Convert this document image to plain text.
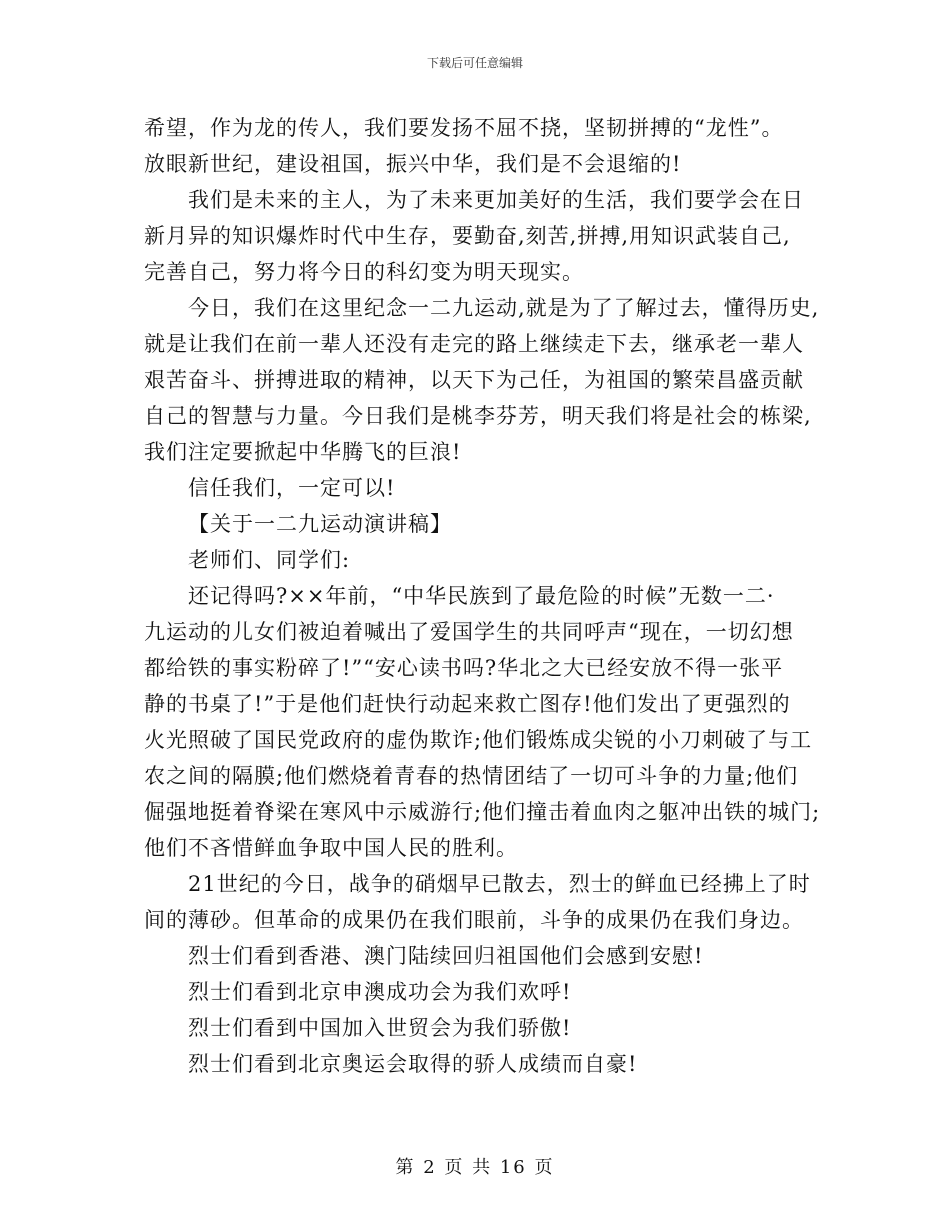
下载后可任意编辑
希望，作为龙的传人，我们要发扬不屈不挠，坚韧拼搏的“龙性”。
放眼新世纪，建设祖国，振兴中华，我们是不会退缩的!
我们是未来的主人，为了未来更加美好的生活，我们要学会在日
新月异的知识爆炸时代中生存，要勤奋,刻苦,拼搏,用知识武装自己,
完善自己，努力将今日的科幻变为明天现实。
今日，我们在这里纪念一二九运动,就是为了了解过去，懂得历史,
就是让我们在前一辈人还没有走完的路上继续走下去，继承老一辈人
艰苦奋斗、拼搏进取的精神，以天下为己任，为祖国的繁荣昌盛贡献
自己的智慧与力量。今日我们是桃李芬芳，明天我们将是社会的栋梁,
我们注定要掀起中华腾飞的巨浪!
信任我们，一定可以!
【关于一二九运动演讲稿】
老师们、同学们:
还记得吗?××年前，“中华民族到了最危险的时候”无数一二·
九运动的儿女们被迫着喊出了爱国学生的共同呼声“现在，一切幻想
都给铁的事实粉碎了!”“安心读书吗?华北之大已经安放不得一张平
静的书桌了!”于是他们赶快行动起来救亡图存!他们发出了更强烈的
火光照破了国民党政府的虚伪欺诈;他们锻炼成尖锐的小刀刺破了与工
农之间的隔膜;他们燃烧着青春的热情团结了一切可斗争的力量;他们
倔强地挺着脊梁在寒风中示威游行;他们撞击着血肉之躯冲出铁的城门;
他们不吝惜鲜血争取中国人民的胜利。
21世纪的今日，战争的硝烟早已散去，烈士的鲜血已经拂上了时
间的薄砂。但革命的成果仍在我们眼前，斗争的成果仍在我们身边。
烈士们看到香港、澳门陆续回归祖国他们会感到安慰!
烈士们看到北京申澳成功会为我们欢呼!
烈士们看到中国加入世贸会为我们骄傲!
烈士们看到北京奥运会取得的骄人成绩而自豪!
第 2 页 共 16 页
